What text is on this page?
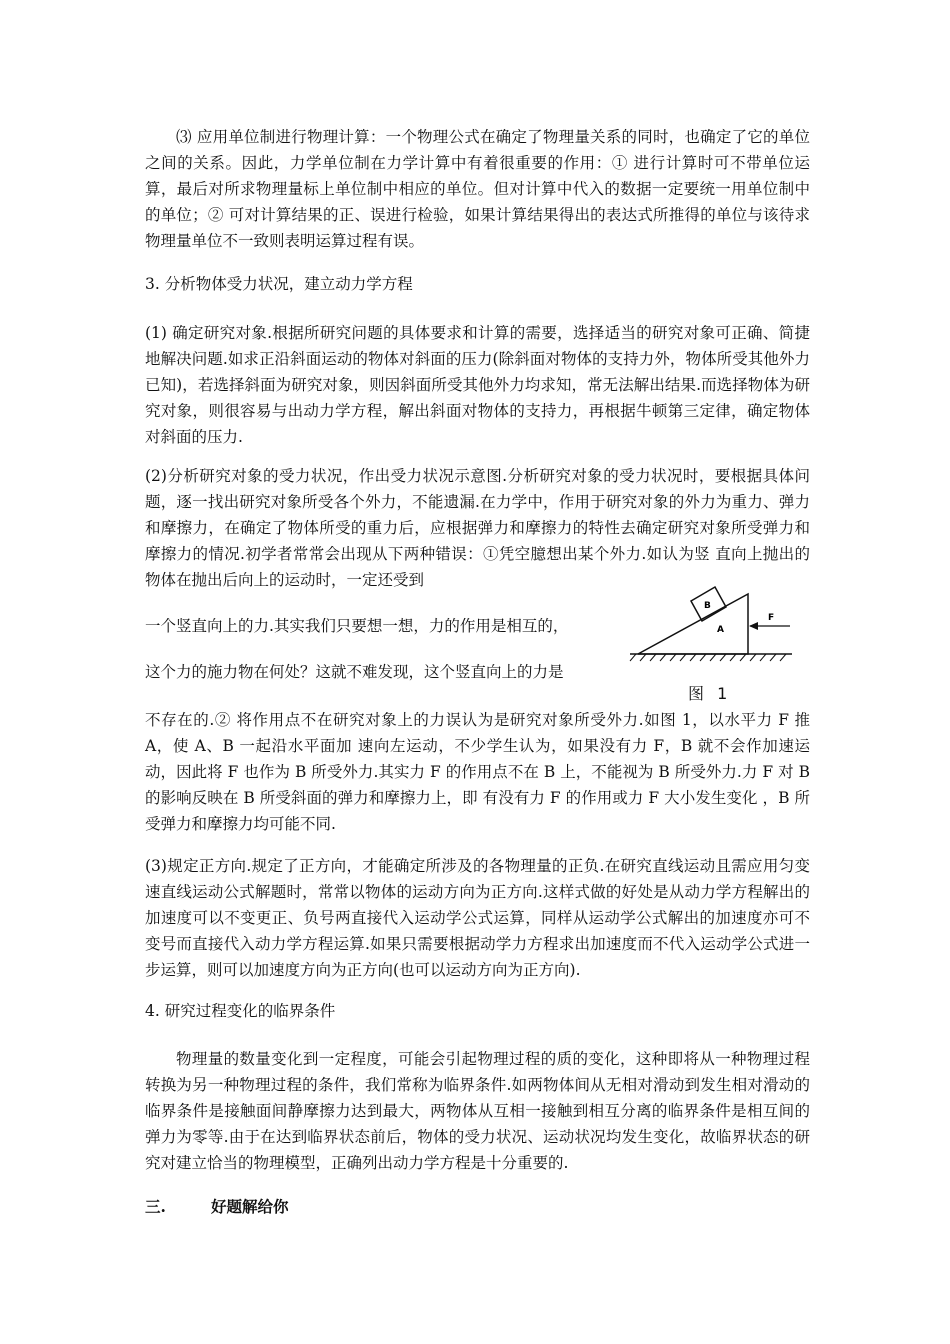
⑶ 应用单位制进行物理计算：一个物理公式在确定了物理量关系的同时，也确定了它的单位之间的关系。因此，力学单位制在力学计算中有着很重要的作用：① 进行计算时可不带单位运算，最后对所求物理量标上单位制中相应的单位。但对计算中代入的数据一定要统一用单位制中的单位；② 可对计算结果的正、误进行检验，如果计算结果得出的表达式所推得的单位与该待求物理量单位不一致则表明运算过程有误。

3. 分析物体受力状况，建立动力学方程

(1) 确定研究对象.根据所研究问题的具体要求和计算的需要，选择适当的研究对象可正确、简捷地解决问题.如求正沿斜面运动的物体对斜面的压力(除斜面对物体的支持力外，物体所受其他外力已知)，若选择斜面为研究对象，则因斜面所受其他外力均求知，常无法解出结果.而选择物体为研究对象，则很容易与出动力学方程，解出斜面对物体的支持力，再根据牛顿第三定律，确定物体对斜面的压力.

(2)分析研究对象的受力状况，作出受力状况示意图.分析研究对象的受力状况时，要根据具体问题，逐一找出研究对象所受各个外力，不能遗漏.在力学中，作用于研究对象的外力为重力、弹力和摩擦力，在确定了物体所受的重力后，应根据弹力和摩擦力的特性去确定研究对象所受弹力和摩擦力的情况.初学者常常会出现从下两种错误：①凭空臆想出某个外力.如认为竖 直向上抛出的物体在抛出后向上的运动时，一定还受到

一个竖直向上的力.其实我们只要想一想，力的作用是相互的，

这个力的施力物在何处？这就不难发现，这个竖直向上的力是

B
A
F
图 1

不存在的.② 将作用点不在研究对象上的力误认为是研究对象所受外力.如图 1，以水平力 F 推 A，使 A、B 一起沿水平面加 速向左运动，不少学生认为，如果没有力 F，B 就不会作加速运动，因此将 F 也作为 B 所受外力.其实力 F 的作用点不在 B 上，不能视为 B 所受外力.力 F 对 B 的影响反映在 B 所受斜面的弹力和摩擦力上，即 有没有力 F 的作用或力 F 大小发生变化 ，B 所受弹力和摩擦力均可能不同.

(3)规定正方向.规定了正方向，才能确定所涉及的各物理量的正负.在研究直线运动且需应用匀变速直线运动公式解题时，常常以物体的运动方向为正方向.这样式做的好处是从动力学方程解出的加速度可以不变更正、负号两直接代入运动学公式运算，同样从运动学公式解出的加速度亦可不变号而直接代入动力学方程运算.如果只需要根据动学力方程求出加速度而不代入运动学公式进一步运算，则可以加速度方向为正方向(也可以运动方向为正方向).

4. 研究过程变化的临界条件

物理量的数量变化到一定程度，可能会引起物理过程的质的变化，这种即将从一种物理过程转换为另一种物理过程的条件，我们常称为临界条件.如两物体间从无相对滑动到发生相对滑动的临界条件是接触面间静摩擦力达到最大，两物体从互相一接触到相互分离的临界条件是相互间的弹力为零等.由于在达到临界状态前后，物体的受力状况、运动状况均发生变化，故临界状态的研究对建立恰当的物理模型，正确列出动力学方程是十分重要的.

三.	好题解给你
